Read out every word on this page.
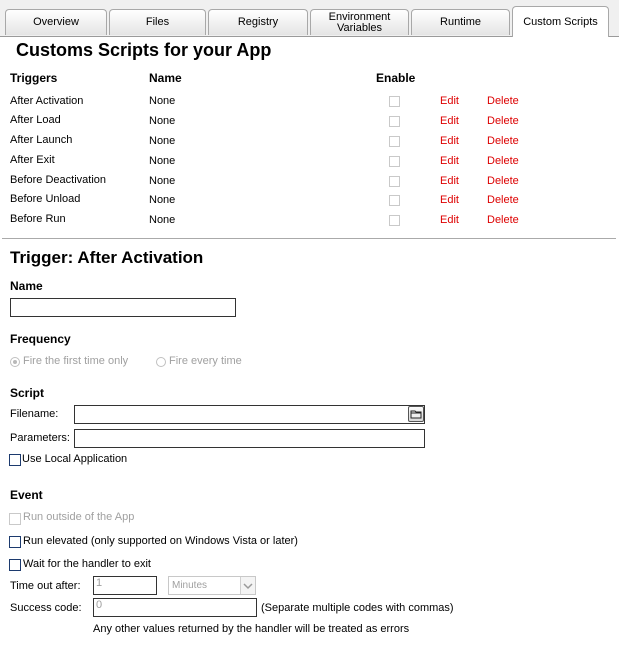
Overview	Files	Registry	Environment
Variables	Runtime	Custom Scripts
Customs Scripts for your App
Triggers	Name	Enable
After Activation	None	Edit	Delete
After Load	None	Edit	Delete
After Launch	None	Edit	Delete
After Exit	None	Edit	Delete
Before Deactivation	None	Edit	Delete
Before Unload	None	Edit	Delete
Before Run	None	Edit	Delete
Trigger: After Activation
Name
Frequency
Fire the first time only	Fire every time
Script
Filename:
Parameters:
Use Local Application
Event
Run outside of the App
Run elevated (only supported on Windows Vista or later)
Wait for the handler to exit
Time out after: 1	Minutes
Success code: 0	(Separate multiple codes with commas)
Any other values returned by the handler will be treated as errors
